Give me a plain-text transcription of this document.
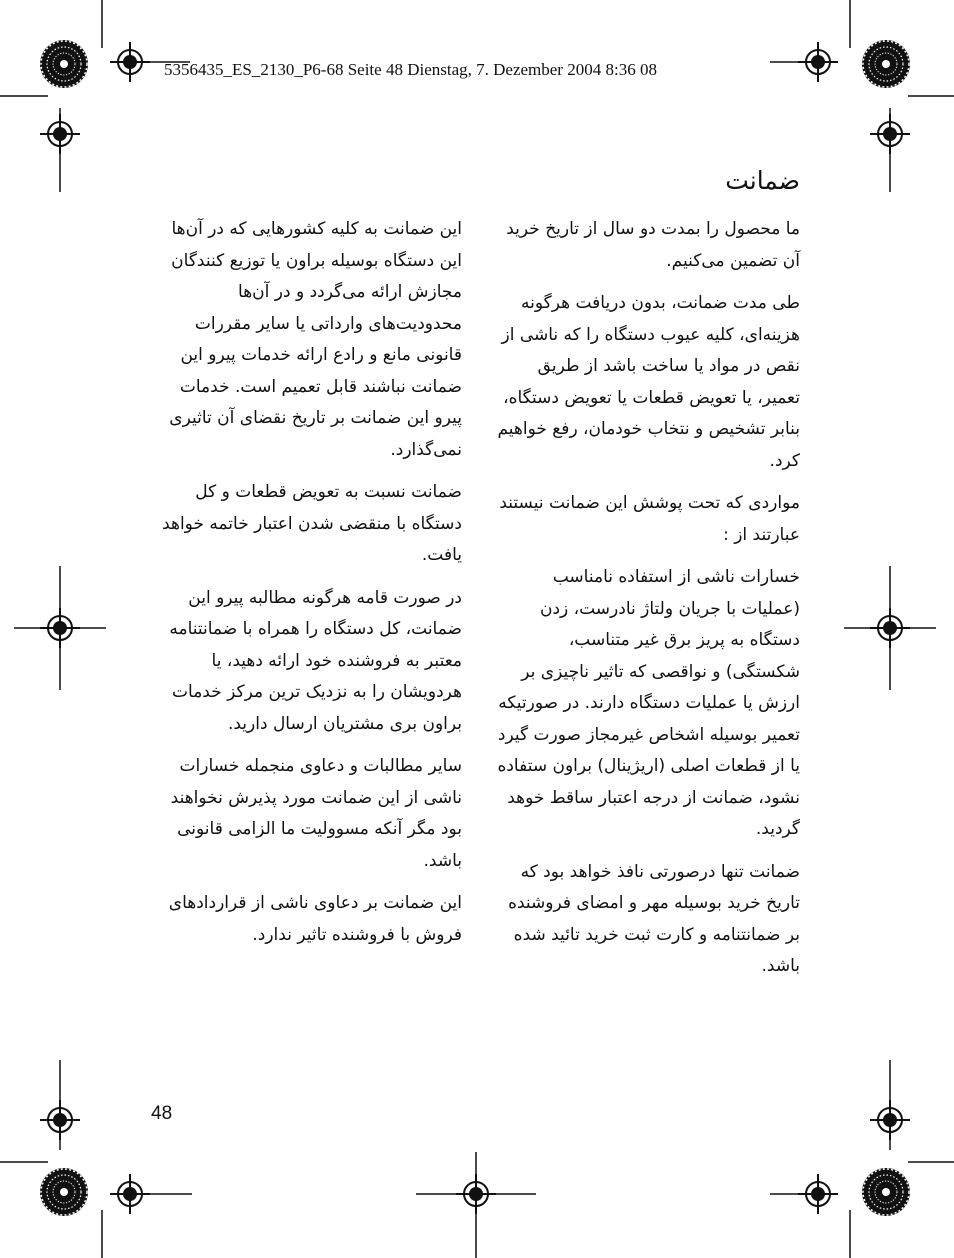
5356435_ES_2130_P6-68 Seite 48 Dienstag, 7. Dezember 2004 8:36 08
ضمانت

ما محصول را بمدت دو سال از تاریخ خرید آن تضمین می‌کنیم.

طی مدت ضمانت، بدون دریافت هرگونه هزینه‌ای، کلیه عیوب دستگاه را که ناشی از نقص در مواد یا ساخت باشد از طریق تعمیر، یا تعویض قطعات یا تعویض دستگاه، بنابر تشخیص و نتخاب خودمان، رفع خواهیم کرد.

مواردی که تحت پوشش این ضمانت نیستند عبارتند از :

خسارات ناشی از استفاده نامناسب (عملیات با جریان ولتاژ نادرست، زدن دستگاه به پریز برق غیر متناسب، شکستگی) و نواقصی که تاثیر ناچیزی بر ارزش یا عملیات دستگاه دارند. در صورتیکه تعمیر بوسیله اشخاص غیرمجاز صورت گیرد یا از قطعات اصلی (اریژینال) براون ستفاده نشود، ضمانت از درجه اعتبار ساقط خوهد گردید.

ضمانت تنها درصورتی نافذ خواهد بود که تاریخ خرید بوسیله مهر و امضای فروشنده بر ضمانتنامه و کارت ثبت خرید تائید شده باشد.

این ضمانت به کلیه کشورهایی که در آن‌ها این دستگاه بوسیله براون یا توزیع کنندگان مجازش ارائه می‌گردد و در آن‌ها محدودیت‌های وارداتی یا سایر مقررات قانونی مانع و رادع ارائه خدمات پیرو این ضمانت نباشند قابل تعمیم است. خدمات پیرو این ضمانت بر تاریخ نقضای آن تاثیری نمی‌گذارد.

ضمانت نسبت به تعویض قطعات و کل دستگاه با منقضی شدن اعتبار خاتمه خواهد یافت.

در صورت قامه هرگونه مطالبه پیرو این ضمانت، کل دستگاه را همراه با ضمانتنامه معتبر به فروشنده خود ارائه دهید، یا هردویشان را به نزدیک ترین مرکز خدمات براون بری مشتریان ارسال دارید.

سایر مطالبات و دعاوی منجمله خسارات ناشی از این ضمانت مورد پذیرش نخواهند بود مگر آنکه مسوولیت ما الزامی قانونی باشد.

این ضمانت بر دعاوی ناشی از قراردادهای فروش با فروشنده تاثیر ندارد.

48
